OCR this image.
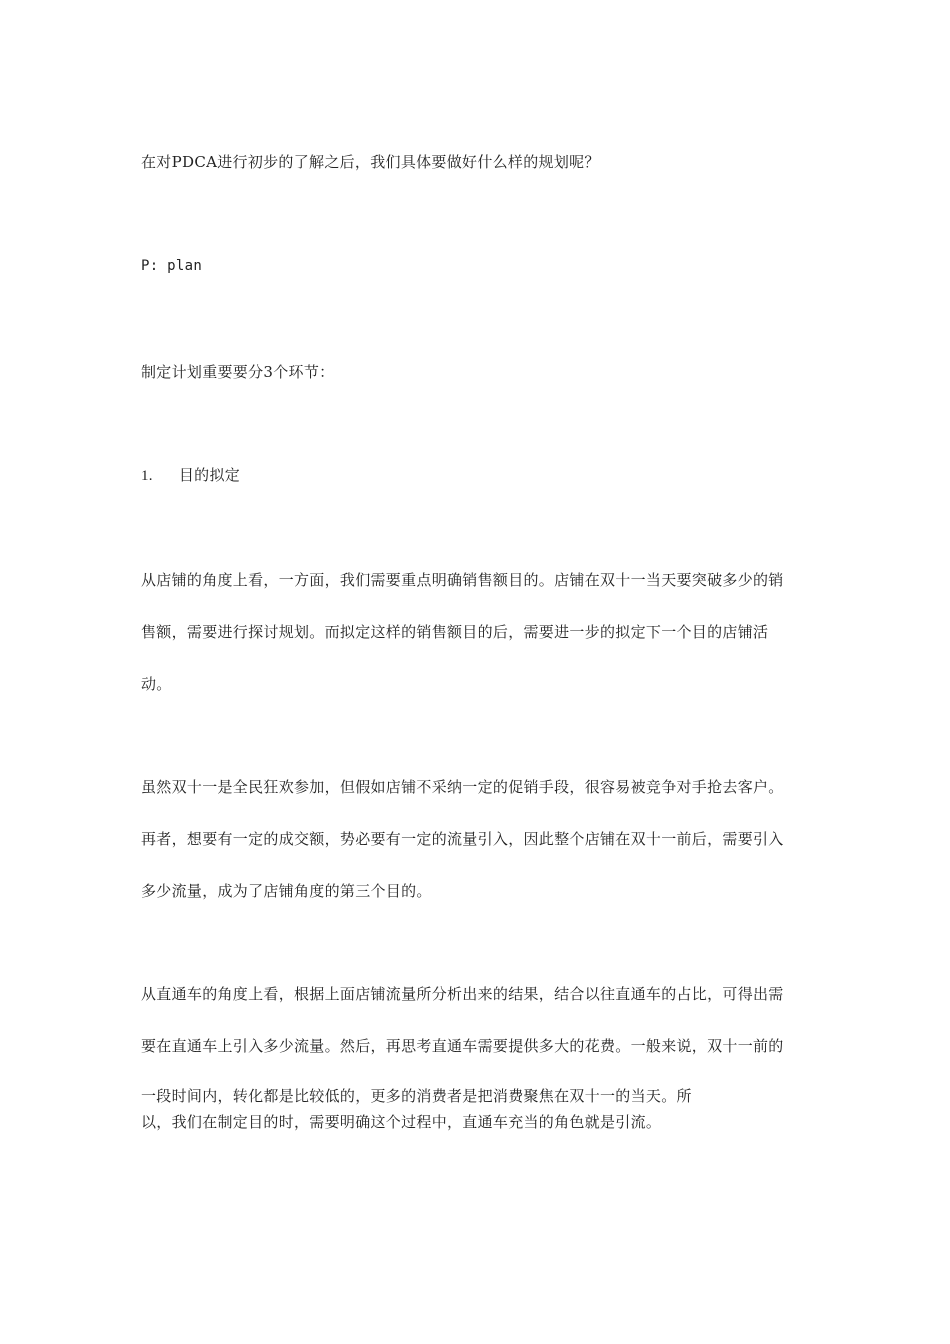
在对PDCA进行初步的了解之后，我们具体要做好什么样的规划呢？
P: plan
制定计划重要要分3个环节：
1. 目的拟定
从店铺的角度上看，一方面，我们需要重点明确销售额目的。店铺在双十一当天要突破多少的销
售额，需要进行探讨规划。而拟定这样的销售额目的后，需要进一步的拟定下一个目的店铺活
动。
虽然双十一是全民狂欢参加，但假如店铺不采纳一定的促销手段，很容易被竞争对手抢去客户。
再者，想要有一定的成交额，势必要有一定的流量引入，因此整个店铺在双十一前后，需要引入
多少流量，成为了店铺角度的第三个目的。
从直通车的角度上看，根据上面店铺流量所分析出来的结果，结合以往直通车的占比，可得出需
要在直通车上引入多少流量。然后，再思考直通车需要提供多大的花费。一般来说，双十一前的
一段时间内，转化都是比较低的，更多的消费者是把消费聚焦在双十一的当天。所
以，我们在制定目的时，需要明确这个过程中，直通车充当的角色就是引流。
